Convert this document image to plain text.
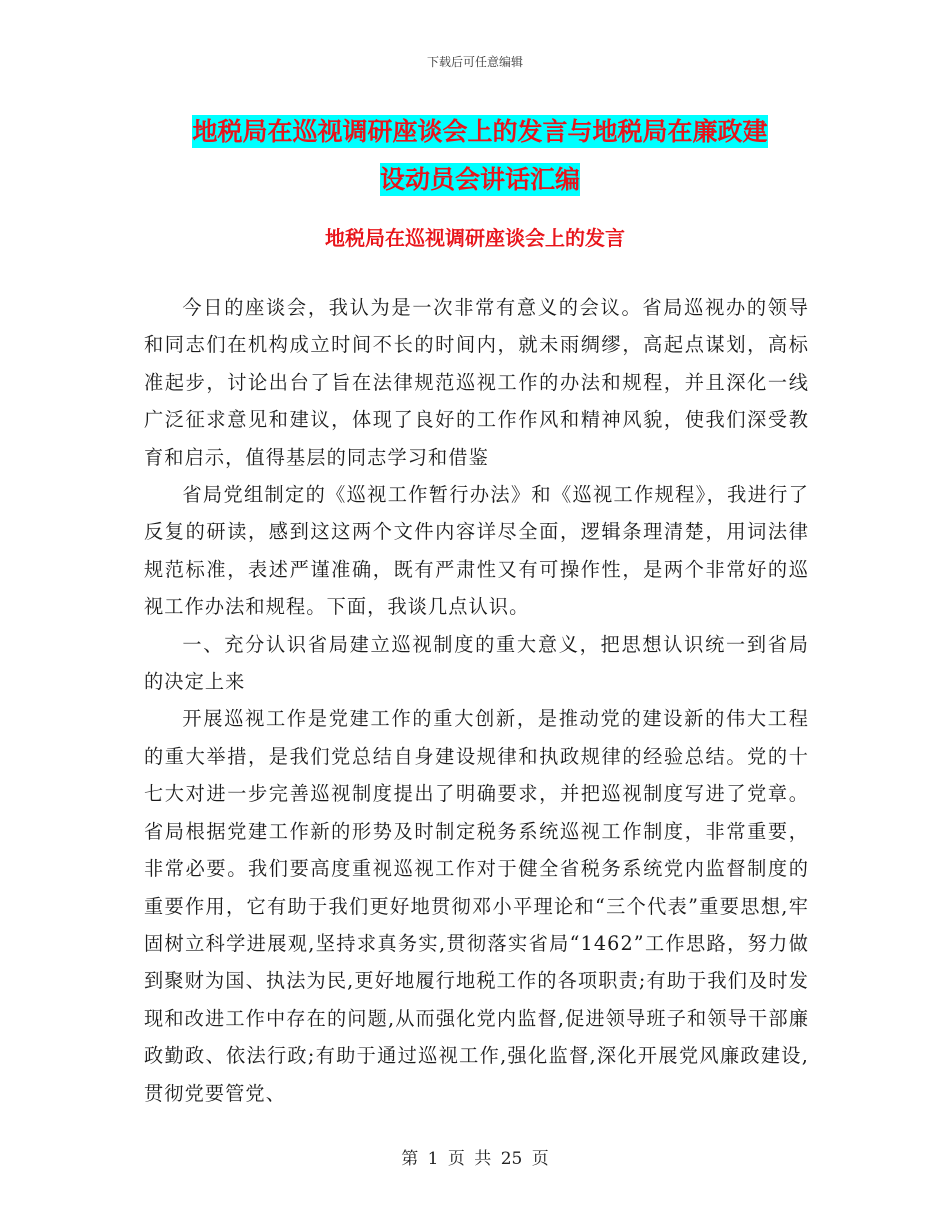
下载后可任意编辑
地税局在巡视调研座谈会上的发言与地税局在廉政建
设动员会讲话汇编
地税局在巡视调研座谈会上的发言

今日的座谈会，我认为是一次非常有意义的会议。省局巡视办的领导和同志们在机构成立时间不长的时间内，就未雨绸缪，高起点谋划，高标准起步，讨论出台了旨在法律规范巡视工作的办法和规程，并且深化一线广泛征求意见和建议，体现了良好的工作作风和精神风貌，使我们深受教育和启示，值得基层的同志学习和借鉴

省局党组制定的《巡视工作暂行办法》和《巡视工作规程》，我进行了反复的研读，感到这这两个文件内容详尽全面，逻辑条理清楚，用词法律规范标准，表述严谨准确，既有严肃性又有可操作性，是两个非常好的巡视工作办法和规程。下面，我谈几点认识。

一、充分认识省局建立巡视制度的重大意义，把思想认识统一到省局的决定上来

开展巡视工作是党建工作的重大创新，是推动党的建设新的伟大工程的重大举措，是我们党总结自身建设规律和执政规律的经验总结。党的十七大对进一步完善巡视制度提出了明确要求，并把巡视制度写进了党章。省局根据党建工作新的形势及时制定税务系统巡视工作制度，非常重要，非常必要。我们要高度重视巡视工作对于健全省税务系统党内监督制度的重要作用，它有助于我们更好地贯彻邓小平理论和“三个代表”重要思想,牢固树立科学进展观,坚持求真务实,贯彻落实省局“1462”工作思路，努力做到聚财为国、执法为民,更好地履行地税工作的各项职责;有助于我们及时发现和改进工作中存在的问题,从而强化党内监督,促进领导班子和领导干部廉政勤政、依法行政;有助于通过巡视工作,强化监督,深化开展党风廉政建设,贯彻党要管党、

第 1 页 共 25 页
